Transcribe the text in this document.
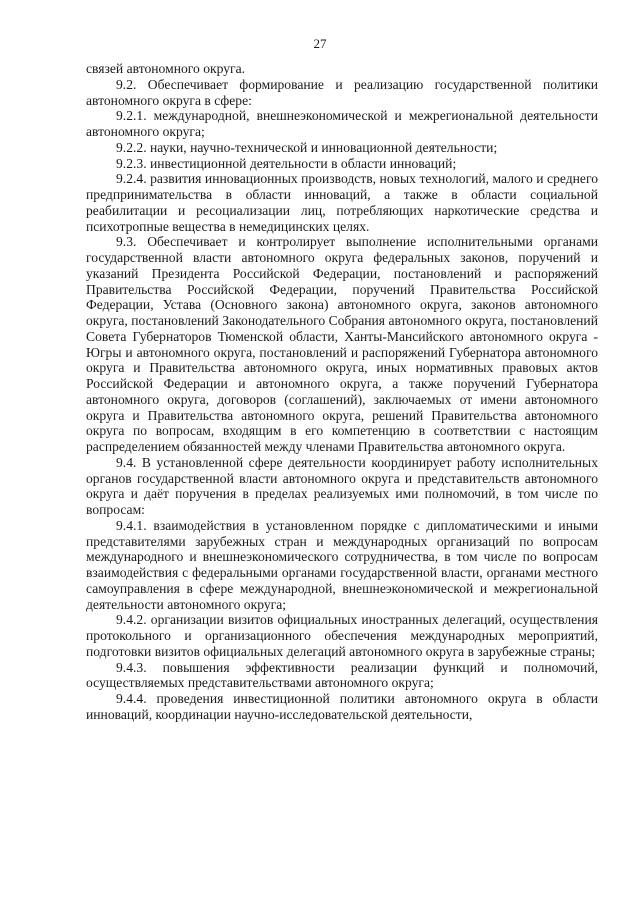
27

связей автономного округа.

9.2. Обеспечивает формирование и реализацию государственной политики автономного округа в сфере:

9.2.1. международной, внешнеэкономической и межрегиональной деятельности автономного округа;

9.2.2. науки, научно-технической и инновационной деятельности;

9.2.3. инвестиционной деятельности в области инноваций;

9.2.4. развития инновационных производств, новых технологий, малого и среднего предпринимательства в области инноваций, а также в области социальной реабилитации и ресоциализации лиц, потребляющих наркотические средства и психотропные вещества в немедицинских целях.

9.3. Обеспечивает и контролирует выполнение исполнительными органами государственной власти автономного округа федеральных законов, поручений и указаний Президента Российской Федерации, постановлений и распоряжений Правительства Российской Федерации, поручений Правительства Российской Федерации, Устава (Основного закона) автономного округа, законов автономного округа, постановлений Законодательного Собрания автономного округа, постановлений Совета Губернаторов Тюменской области, Ханты-Мансийского автономного округа - Югры и автономного округа, постановлений и распоряжений Губернатора автономного округа и Правительства автономного округа, иных нормативных правовых актов Российской Федерации и автономного округа, а также поручений Губернатора автономного округа, договоров (соглашений), заключаемых от имени автономного округа и Правительства автономного округа, решений Правительства автономного округа по вопросам, входящим в его компетенцию в соответствии с настоящим распределением обязанностей между членами Правительства автономного округа.

9.4. В установленной сфере деятельности координирует работу исполнительных органов государственной власти автономного округа и представительств автономного округа и даёт поручения в пределах реализуемых ими полномочий, в том числе по вопросам:

9.4.1. взаимодействия в установленном порядке с дипломатическими и иными представителями зарубежных стран и международных организаций по вопросам международного и внешнеэкономического сотрудничества, в том числе по вопросам взаимодействия с федеральными органами государственной власти, органами местного самоуправления в сфере международной, внешнеэкономической и межрегиональной деятельности автономного округа;

9.4.2. организации визитов официальных иностранных делегаций, осуществления протокольного и организационного обеспечения международных мероприятий, подготовки визитов официальных делегаций автономного округа в зарубежные страны;

9.4.3. повышения эффективности реализации функций и полномочий, осуществляемых представительствами автономного округа;

9.4.4. проведения инвестиционной политики автономного округа в области инноваций, координации научно-исследовательской деятельности,
